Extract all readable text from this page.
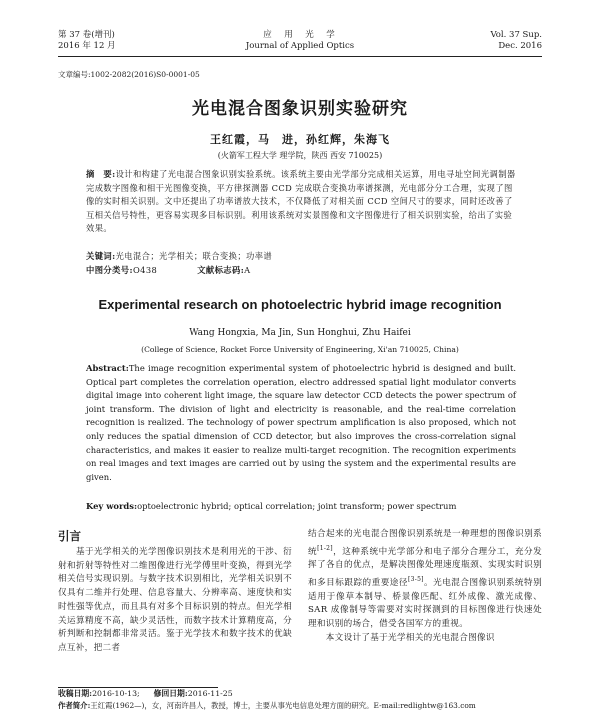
第 37 卷(增刊)
2016 年 12 月
应　用　光　学
Journal of Applied Optics
Vol. 37 Sup.
Dec. 2016
文章编号:1002-2082(2016)S0-0001-05
光电混合图象识别实验研究
王红霞，马　进，孙红辉，朱海飞
(火箭军工程大学 理学院，陕西 西安 710025)
摘　要:设计和构建了光电混合图象识别实验系统。该系统主要由光学部分完成相关运算，用电寻址空间光调制器完成数字图像和相干光图像变换，平方律探测器 CCD 完成联合变换功率谱探测，光电部分分工合理，实现了图像的实时相关识别。文中还提出了功率谱放大技术，不仅降低了对相关面 CCD 空间尺寸的要求，同时还改善了互相关信号特性，更容易实现多目标识别。利用该系统对实景图像和文字图像进行了相关识别实验，给出了实验效果。
关键词:光电混合；光学相关；联合变换；功率谱
中图分类号:O438	文献标志码:A
Experimental research on photoelectric hybrid image recognition
Wang Hongxia, Ma Jin, Sun Honghui, Zhu Haifei
(College of Science, Rocket Force University of Engineering, Xi'an 710025, China)
Abstract:The image recognition experimental system of photoelectric hybrid is designed and built. Optical part completes the correlation operation, electro addressed spatial light modulator converts digital image into coherent light image, the square law detector CCD detects the power spectrum of joint transform. The division of light and electricity is reasonable, and the real-time correlation recognition is realized. The technology of power spectrum amplification is also proposed, which not only reduces the spatial dimension of CCD detector, but also improves the cross-correlation signal characteristics, and makes it easier to realize multi-target recognition. The recognition experiments on real images and text images are carried out by using the system and the experimental results are given.
Key words:optoelectronic hybrid; optical correlation; joint transform; power spectrum
引言
　　基于光学相关的光学图像识别技术是利用光的干涉、衍射和折射等特性对二维图像进行光学傅里叶变换，得到光学相关信号实现识别。与数字技术识别相比，光学相关识别不仅具有二维并行处理、信息容量大、分辨率高、速度快和实时性强等优点，而且具有对多个目标识别的特点。但光学相关运算精度不高，缺少灵活性，而数字技术计算精度高，分析判断和控制都非常灵活。鉴于光学技术和数字技术的优缺点互补，把二者
结合起来的光电混合图像识别系统是一种理想的图像识别系统[1-2]，这种系统中光学部分和电子部分合理分工，充分发挥了各自的优点，是解决图像处理速度瓶颈、实现实时识别和多目标跟踪的重要途径[3-5]。光电混合图像识别系统特别适用于像草本制导、桥景像匹配、红外成像、激光成像、SAR 成像制导等需要对实时探测到的目标图像进行快速处理和识别的场合，借受各国军方的重视。
　　本文设计了基于光学相关的光电混合图像识
收稿日期:2016-10-13; 修回日期:2016-11-25
作者简介:王红霞(1962—)，女，河南许昌人，教授，博士，主要从事光电信息处理方面的研究。E-mail:redlightw@163.com
